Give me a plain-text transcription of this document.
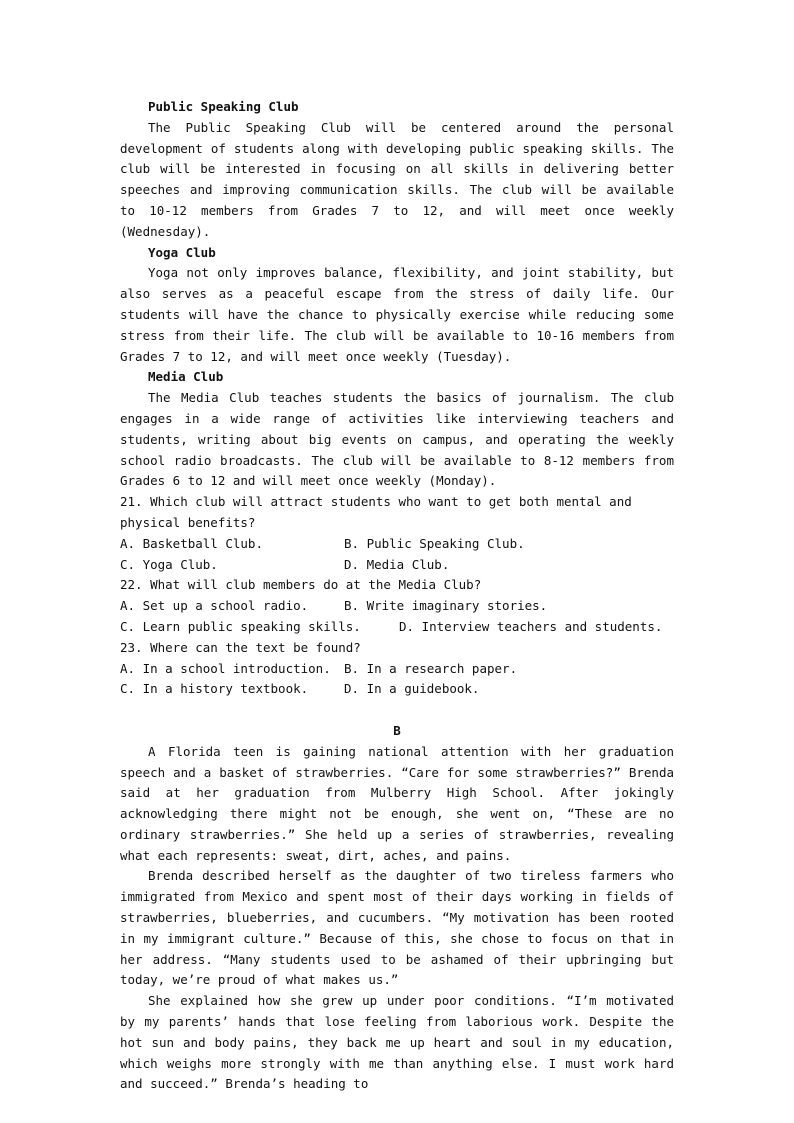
Public Speaking Club

The Public Speaking Club will be centered around the personal development of students along with developing public speaking skills. The club will be interested in focusing on all skills in delivering better speeches and improving communication skills. The club will be available to 10-12 members from Grades 7 to 12, and will meet once weekly (Wednesday).

Yoga Club

Yoga not only improves balance, flexibility, and joint stability, but also serves as a peaceful escape from the stress of daily life. Our students will have the chance to physically exercise while reducing some stress from their life. The club will be available to 10-16 members from Grades 7 to 12, and will meet once weekly (Tuesday).

Media Club

The Media Club teaches students the basics of journalism. The club engages in a wide range of activities like interviewing teachers and students, writing about big events on campus, and operating the weekly school radio broadcasts. The club will be available to 8-12 members from Grades 6 to 12 and will meet once weekly (Monday).

21. Which club will attract students who want to get both mental and physical benefits?

A. Basketball Club.	B. Public Speaking Club.
C. Yoga Club.	D. Media Club.

22. What will club members do at the Media Club?

A. Set up a school radio.	B. Write imaginary stories.
C. Learn public speaking skills.	D. Interview teachers and students.

23. Where can the text be found?

A. In a school introduction.	B. In a research paper.
C. In a history textbook.	D. In a guidebook.

B

A Florida teen is gaining national attention with her graduation speech and a basket of strawberries. “Care for some strawberries?” Brenda said at her graduation from Mulberry High School. After jokingly acknowledging there might not be enough, she went on, “These are no ordinary strawberries.” She held up a series of strawberries, revealing what each represents: sweat, dirt, aches, and pains.

Brenda described herself as the daughter of two tireless farmers who immigrated from Mexico and spent most of their days working in fields of strawberries, blueberries, and cucumbers. “My motivation has been rooted in my immigrant culture.” Because of this, she chose to focus on that in her address. “Many students used to be ashamed of their upbringing but today, we’re proud of what makes us.”

She explained how she grew up under poor conditions. “I’m motivated by my parents’ hands that lose feeling from laborious work. Despite the hot sun and body pains, they back me up heart and soul in my education, which weighs more strongly with me than anything else. I must work hard and succeed.” Brenda’s heading to
